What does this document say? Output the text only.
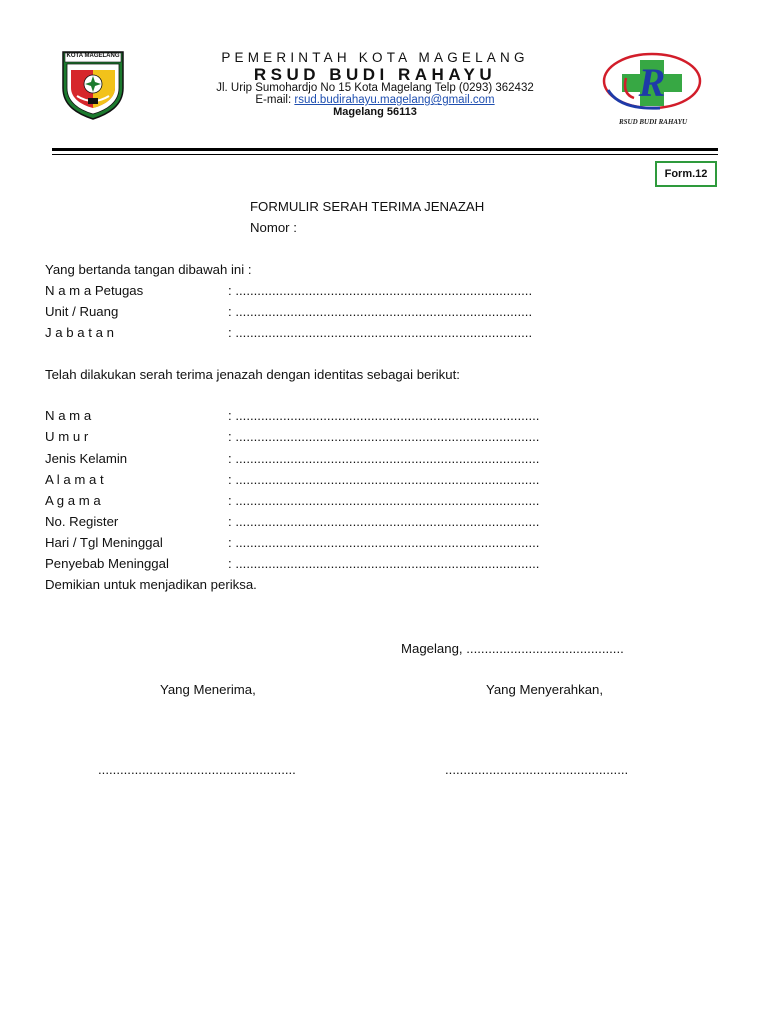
KOTA MAGELANG	PEMERINTAH KOTA MAGELANG
RSUD BUDI RAHAYU
Jl. Urip Sumohardjo No 15 Kota Magelang Telp (0293) 362432
E-mail: rsud.budirahayu.magelang@gmail.com
Magelang 56113
R
RSUD BUDI RAHAYU
Form.12
FORMULIR SERAH TERIMA JENAZAH
Nomor :
Yang bertanda tangan dibawah ini :
N a m a Petugas	: .................................................................................
Unit / Ruang	: .................................................................................
J a b a t a n	: .................................................................................
Telah dilakukan serah terima jenazah dengan identitas sebagai berikut:
N a m a	: ...................................................................................
U m u r	: ...................................................................................
Jenis Kelamin	: ...................................................................................
A l a m a t	: ...................................................................................
A g a m a	: ...................................................................................
No. Register	: ...................................................................................
Hari / Tgl Meninggal	: ...................................................................................
Penyebab Meninggal	: ...................................................................................
Demikian untuk menjadikan periksa.
Magelang, ...........................................
Yang Menerima,	Yang Menyerahkan,
......................................................	..................................................
